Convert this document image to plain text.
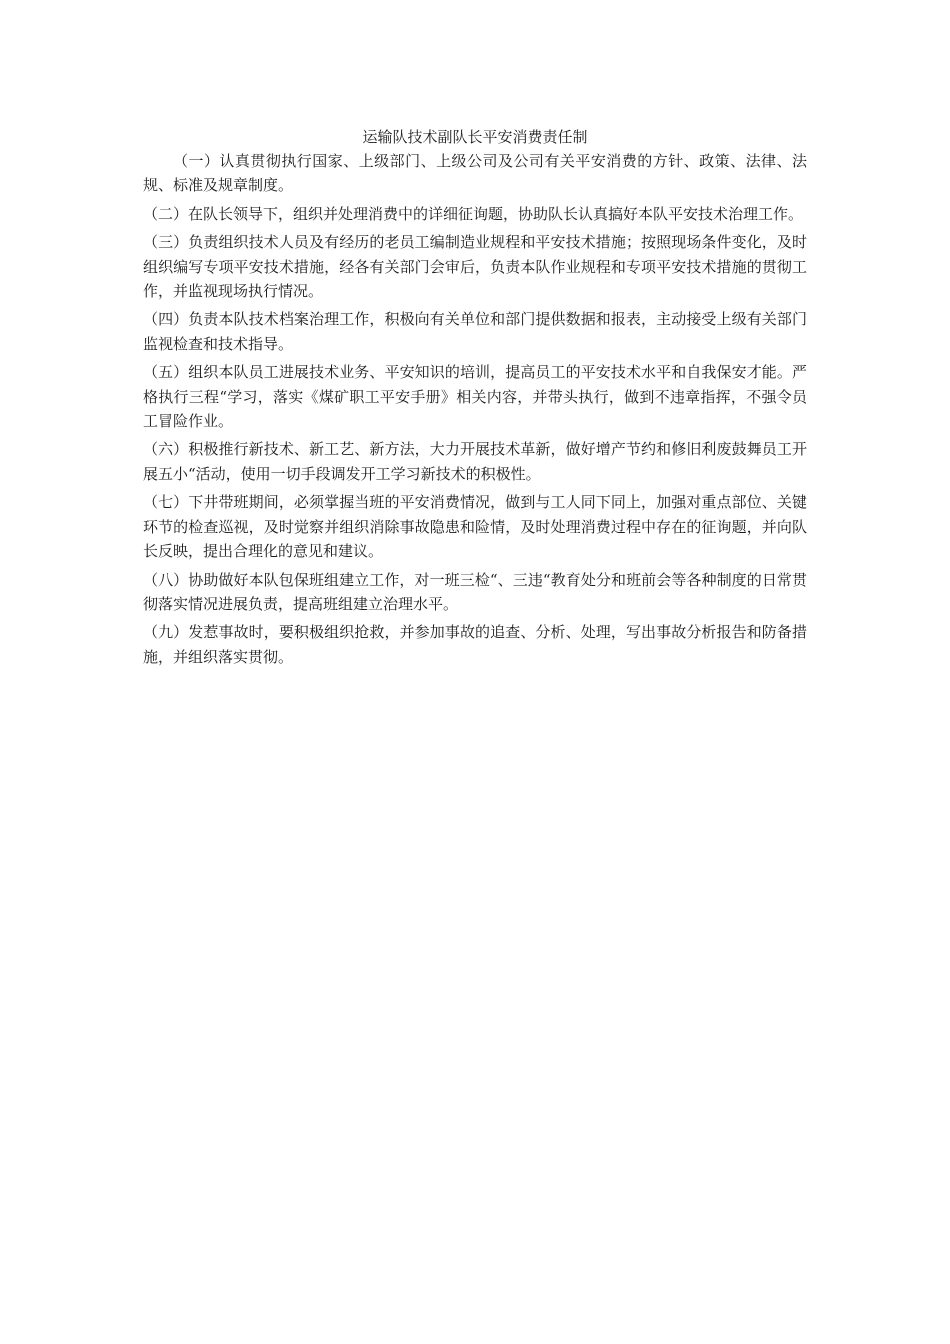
运输队技术副队长平安消费责任制

（一）认真贯彻执行国家、上级部门、上级公司及公司有关平安消费的方针、政策、法律、法规、标准及规章制度。

（二）在队长领导下，组织并处理消费中的详细征询题，协助队长认真搞好本队平安技术治理工作。

（三）负责组织技术人员及有经历的老员工编制造业规程和平安技术措施；按照现场条件变化，及时组织编写专项平安技术措施，经各有关部门会审后，负责本队作业规程和专项平安技术措施的贯彻工作，并监视现场执行情况。

（四）负责本队技术档案治理工作，积极向有关单位和部门提供数据和报表，主动接受上级有关部门监视检查和技术指导。

（五）组织本队员工进展技术业务、平安知识的培训，提高员工的平安技术水平和自我保安才能。严格执行三程“学习，落实《煤矿职工平安手册》相关内容，并带头执行，做到不违章指挥，不强令员工冒险作业。

（六）积极推行新技术、新工艺、新方法，大力开展技术革新，做好增产节约和修旧利废鼓舞员工开展五小“活动，使用一切手段调发开工学习新技术的积极性。

（七）下井带班期间，必须掌握当班的平安消费情况，做到与工人同下同上，加强对重点部位、关键环节的检查巡视，及时觉察并组织消除事故隐患和险情，及时处理消费过程中存在的征询题，并向队长反映，提出合理化的意见和建议。

（八）协助做好本队包保班组建立工作，对一班三检“、三违“教育处分和班前会等各种制度的日常贯彻落实情况进展负责，提高班组建立治理水平。

（九）发惹事故时，要积极组织抢救，并参加事故的追查、分析、处理，写出事故分析报告和防备措施，并组织落实贯彻。
